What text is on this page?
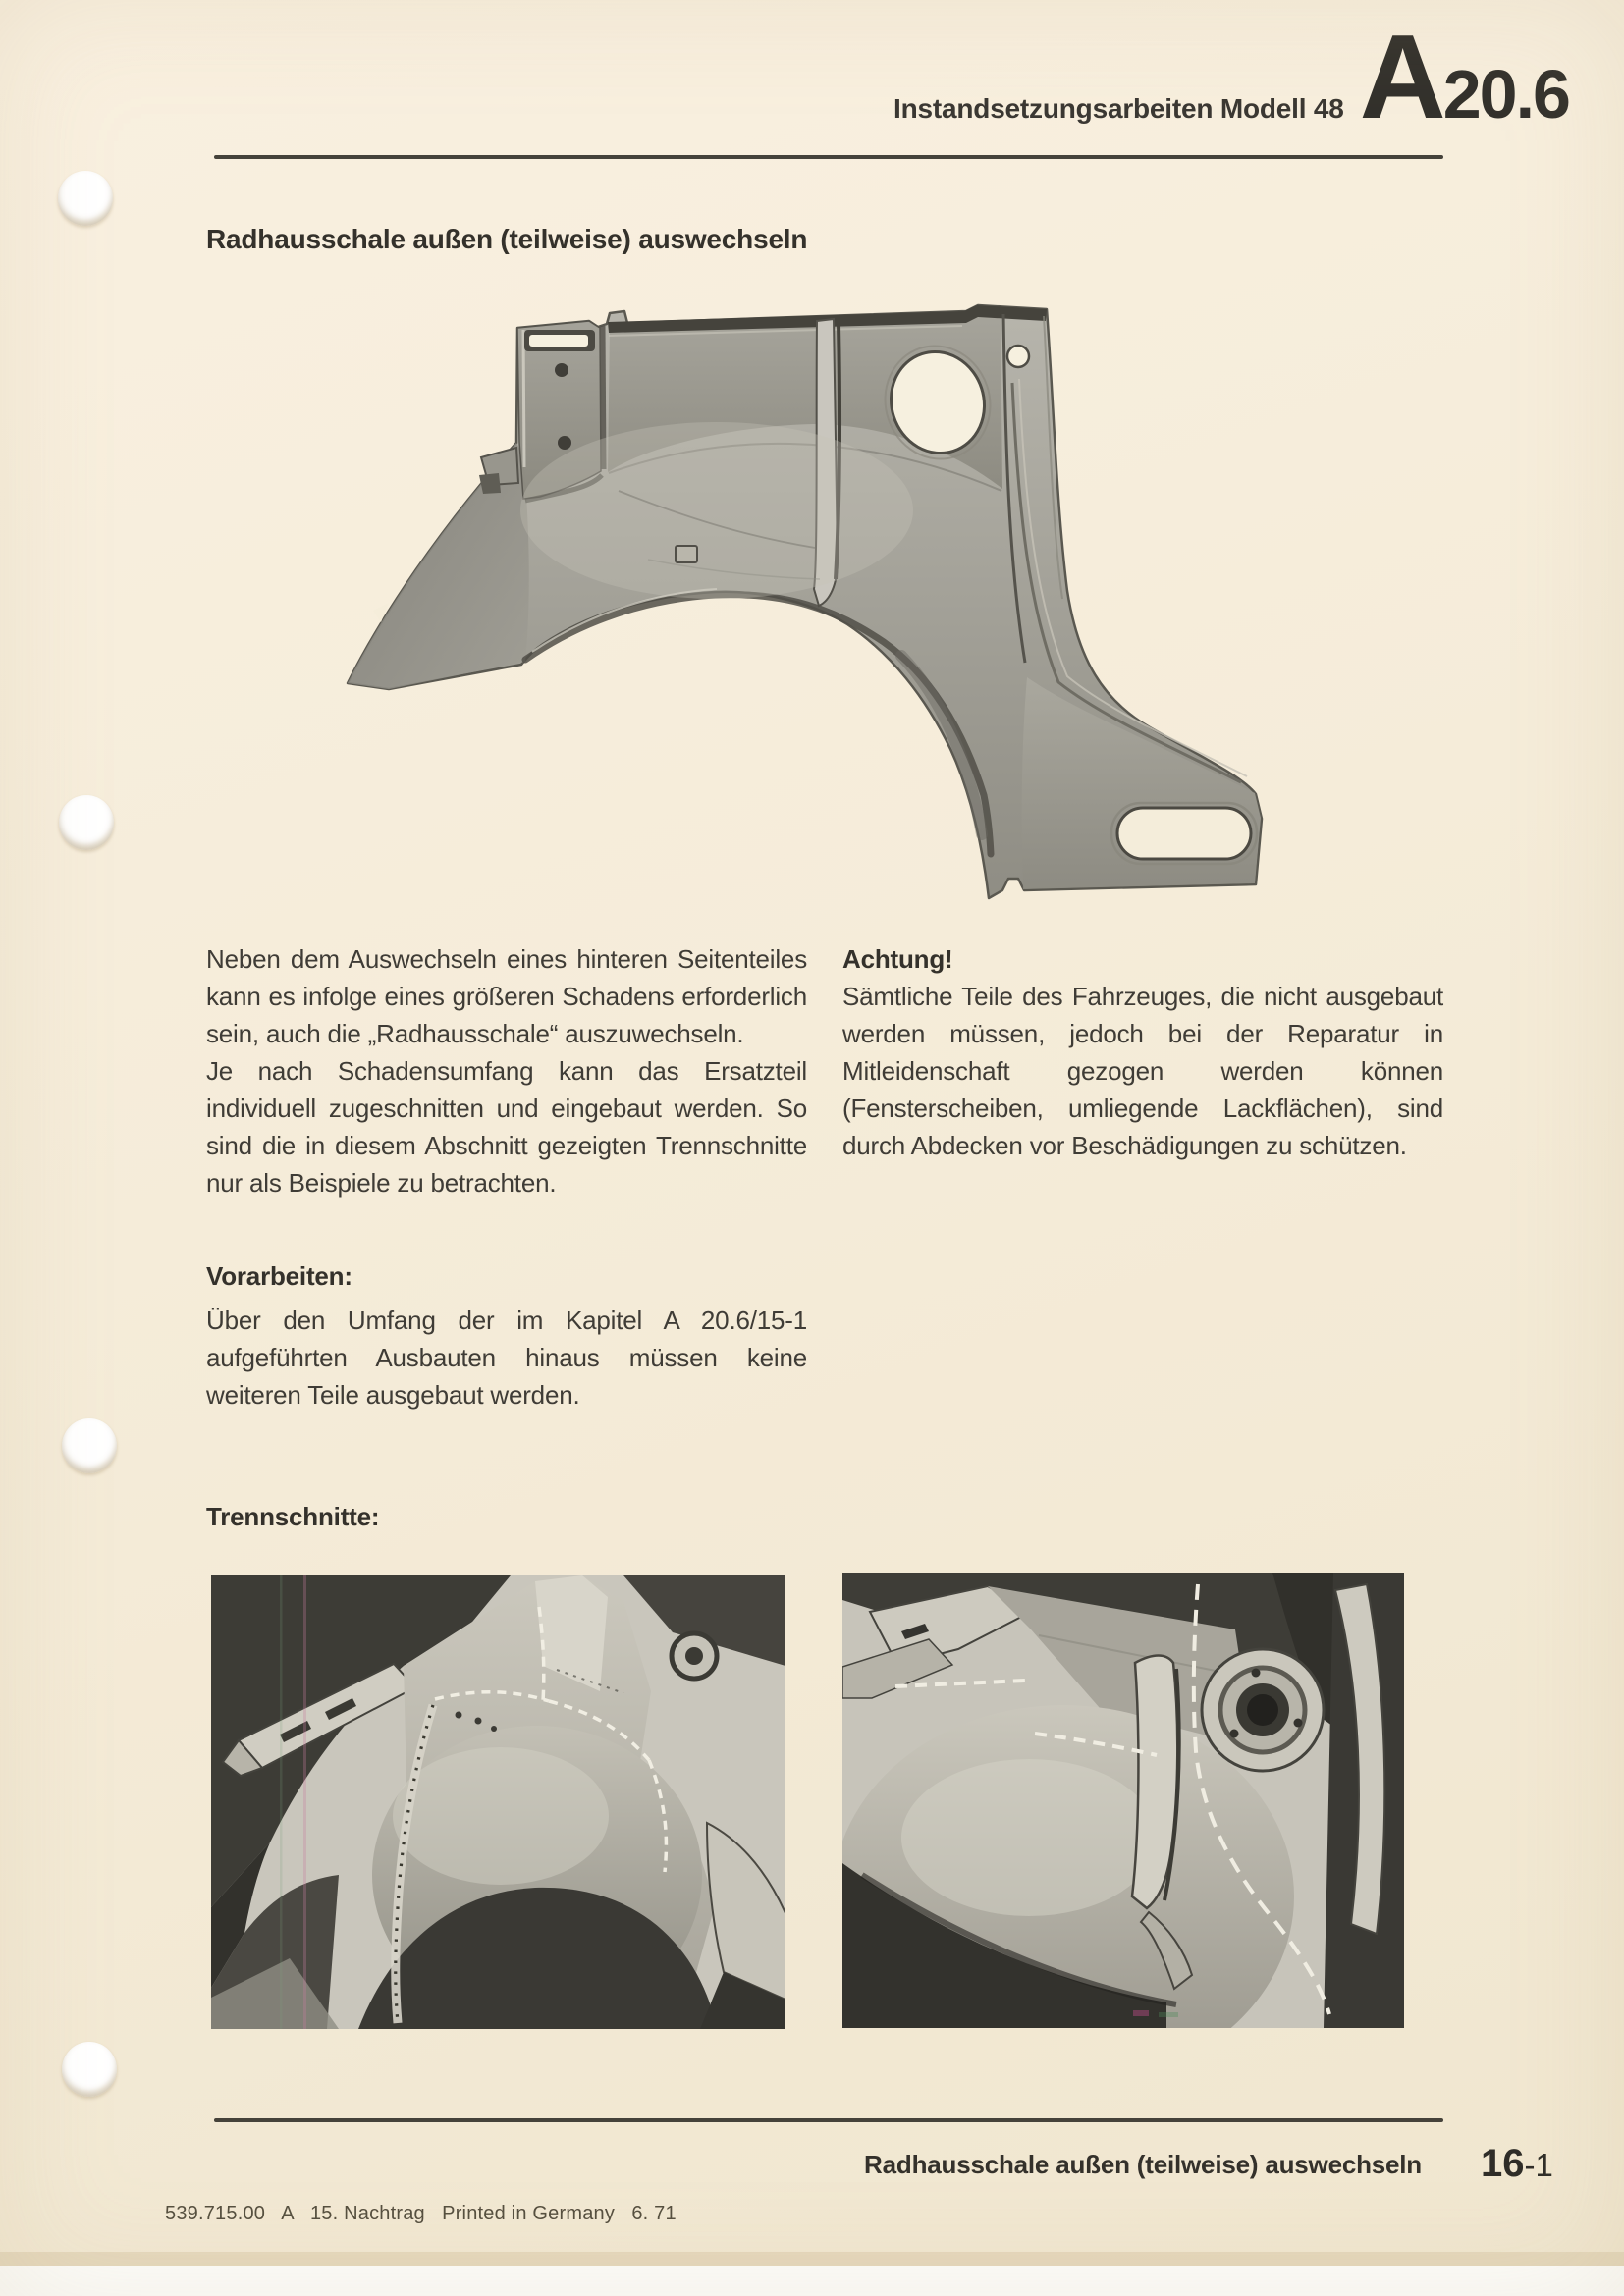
Instandsetzungsarbeiten Modell 48 A 20.6
Radhausschale außen (teilweise) auswechseln

Neben dem Auswechseln eines hinteren Seitenteiles kann es infolge eines größeren Schadens erforderlich sein, auch die „Radhausschale“ auszuwechseln.

Je nach Schadensumfang kann das Ersatzteil individuell zugeschnitten und eingebaut werden. So sind die in diesem Abschnitt gezeigten Trennschnitte nur als Beispiele zu betrachten.

Achtung!

Sämtliche Teile des Fahrzeuges, die nicht ausgebaut werden müssen, jedoch bei der Reparatur in Mitleidenschaft gezogen werden können (Fensterscheiben, umliegende Lackflächen), sind durch Abdecken vor Beschädigungen zu schützen.

Vorarbeiten:
Über den Umfang der im Kapitel A 20.6/15-1 aufgeführten Ausbauten hinaus müssen keine weiteren Teile ausgebaut werden.
Trennschnitte:
Radhausschale außen (teilweise) auswechseln 16 -1
539.715.00   A   15. Nachtrag   Printed in Germany   6. 71
